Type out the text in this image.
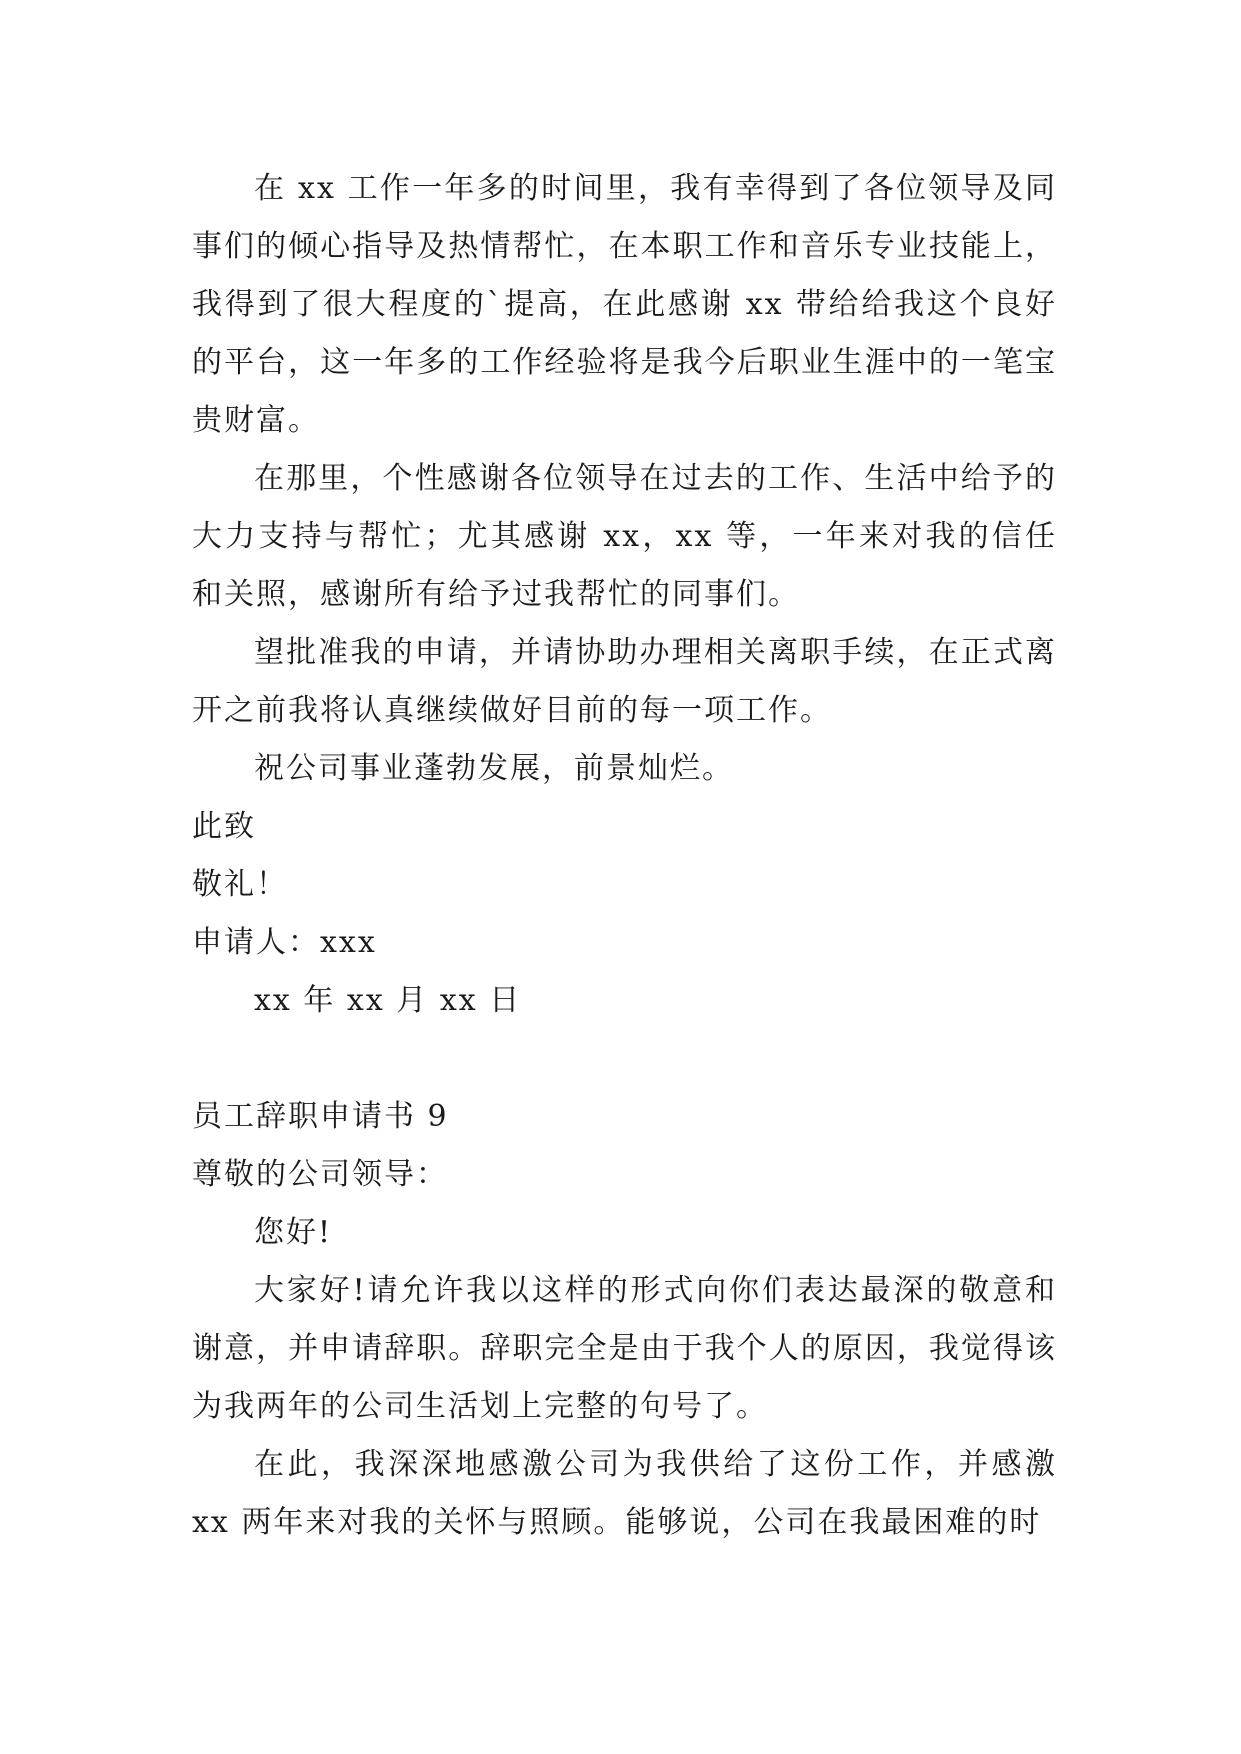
在 xx 工作一年多的时间里，我有幸得到了各位领导及同事们的倾心指导及热情帮忙，在本职工作和音乐专业技能上，我得到了很大程度的`提高，在此感谢 xx 带给给我这个良好的平台，这一年多的工作经验将是我今后职业生涯中的一笔宝贵财富。

在那里，个性感谢各位领导在过去的工作、生活中给予的大力支持与帮忙；尤其感谢 xx，xx 等，一年来对我的信任和关照，感谢所有给予过我帮忙的同事们。

望批准我的申请，并请协助办理相关离职手续，在正式离开之前我将认真继续做好目前的每一项工作。

祝公司事业蓬勃发展，前景灿烂。

此致

敬礼！

申请人：xxx

xx 年 xx 月 xx 日

员工辞职申请书 9

尊敬的公司领导：

您好!

大家好!请允许我以这样的形式向你们表达最深的敬意和谢意，并申请辞职。辞职完全是由于我个人的原因，我觉得该为我两年的公司生活划上完整的句号了。

在此，我深深地感激公司为我供给了这份工作，并感激 xx 两年来对我的关怀与照顾。能够说，公司在我最困难的时
